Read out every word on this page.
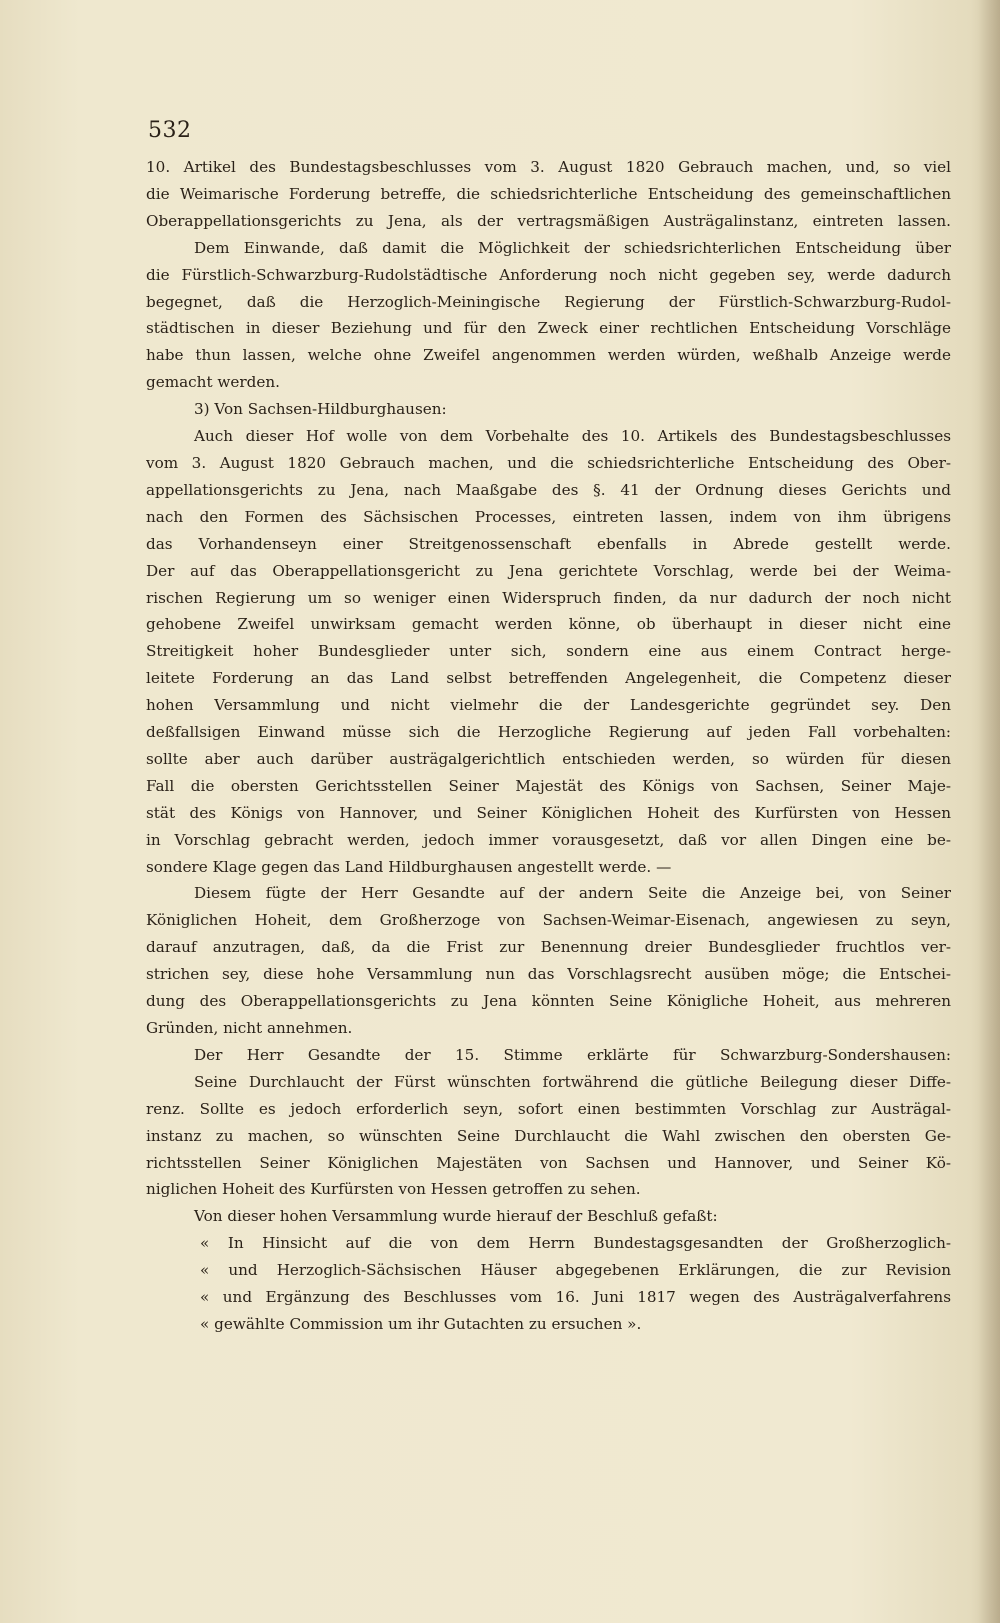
532
10. Artikel des Bundestagsbeschlusses vom 3. August 1820 Gebrauch machen, und, so viel
die Weimarische Forderung betreffe, die schiedsrichterliche Entscheidung des gemeinschaftlichen
Oberappellationsgerichts zu Jena, als der vertragsmäßigen Austrägalinstanz, eintreten lassen.
Dem Einwande, daß damit die Möglichkeit der schiedsrichterlichen Entscheidung über
die Fürstlich-Schwarzburg-Rudolstädtische Anforderung noch nicht gegeben sey, werde dadurch
begegnet, daß die Herzoglich-Meiningische Regierung der Fürstlich-Schwarzburg-Rudol-
städtischen in dieser Beziehung und für den Zweck einer rechtlichen Entscheidung Vorschläge
habe thun lassen, welche ohne Zweifel angenommen werden würden, weßhalb Anzeige werde
gemacht werden.
3) Von Sachsen-Hildburghausen:
Auch dieser Hof wolle von dem Vorbehalte des 10. Artikels des Bundestagsbeschlusses
vom 3. August 1820 Gebrauch machen, und die schiedsrichterliche Entscheidung des Ober-
appellationsgerichts zu Jena, nach Maaßgabe des §. 41 der Ordnung dieses Gerichts und
nach den Formen des Sächsischen Processes, eintreten lassen, indem von ihm übrigens
das Vorhandenseyn einer Streitgenossenschaft ebenfalls in Abrede gestellt werde.
Der auf das Oberappellationsgericht zu Jena gerichtete Vorschlag, werde bei der Weima-
rischen Regierung um so weniger einen Widerspruch finden, da nur dadurch der noch nicht
gehobene Zweifel unwirksam gemacht werden könne, ob überhaupt in dieser nicht eine
Streitigkeit hoher Bundesglieder unter sich, sondern eine aus einem Contract herge-
leitete Forderung an das Land selbst betreffenden Angelegenheit, die Competenz dieser
hohen Versammlung und nicht vielmehr die der Landesgerichte gegründet sey. Den
deßfallsigen Einwand müsse sich die Herzogliche Regierung auf jeden Fall vorbehalten:
sollte aber auch darüber austrägalgerichtlich entschieden werden, so würden für diesen
Fall die obersten Gerichtsstellen Seiner Majestät des Königs von Sachsen, Seiner Maje-
stät des Königs von Hannover, und Seiner Königlichen Hoheit des Kurfürsten von Hessen
in Vorschlag gebracht werden, jedoch immer vorausgesetzt, daß vor allen Dingen eine be-
sondere Klage gegen das Land Hildburghausen angestellt werde. —
Diesem fügte der Herr Gesandte auf der andern Seite die Anzeige bei, von Seiner
Königlichen Hoheit, dem Großherzoge von Sachsen-Weimar-Eisenach, angewiesen zu seyn,
darauf anzutragen, daß, da die Frist zur Benennung dreier Bundesglieder fruchtlos ver-
strichen sey, diese hohe Versammlung nun das Vorschlagsrecht ausüben möge; die Entschei-
dung des Oberappellationsgerichts zu Jena könnten Seine Königliche Hoheit, aus mehreren
Gründen, nicht annehmen.
Der Herr Gesandte der 15. Stimme erklärte für Schwarzburg-Sondershausen:
Seine Durchlaucht der Fürst wünschten fortwährend die gütliche Beilegung dieser Diffe-
renz. Sollte es jedoch erforderlich seyn, sofort einen bestimmten Vorschlag zur Austrägal-
instanz zu machen, so wünschten Seine Durchlaucht die Wahl zwischen den obersten Ge-
richtsstellen Seiner Königlichen Majestäten von Sachsen und Hannover, und Seiner Kö-
niglichen Hoheit des Kurfürsten von Hessen getroffen zu sehen.
Von dieser hohen Versammlung wurde hierauf der Beschluß gefaßt:
« In Hinsicht auf die von dem Herrn Bundestagsgesandten der Großherzoglich-
« und Herzoglich-Sächsischen Häuser abgegebenen Erklärungen, die zur Revision
« und Ergänzung des Beschlusses vom 16. Juni 1817 wegen des Austrägalverfahrens
« gewählte Commission um ihr Gutachten zu ersuchen ».
